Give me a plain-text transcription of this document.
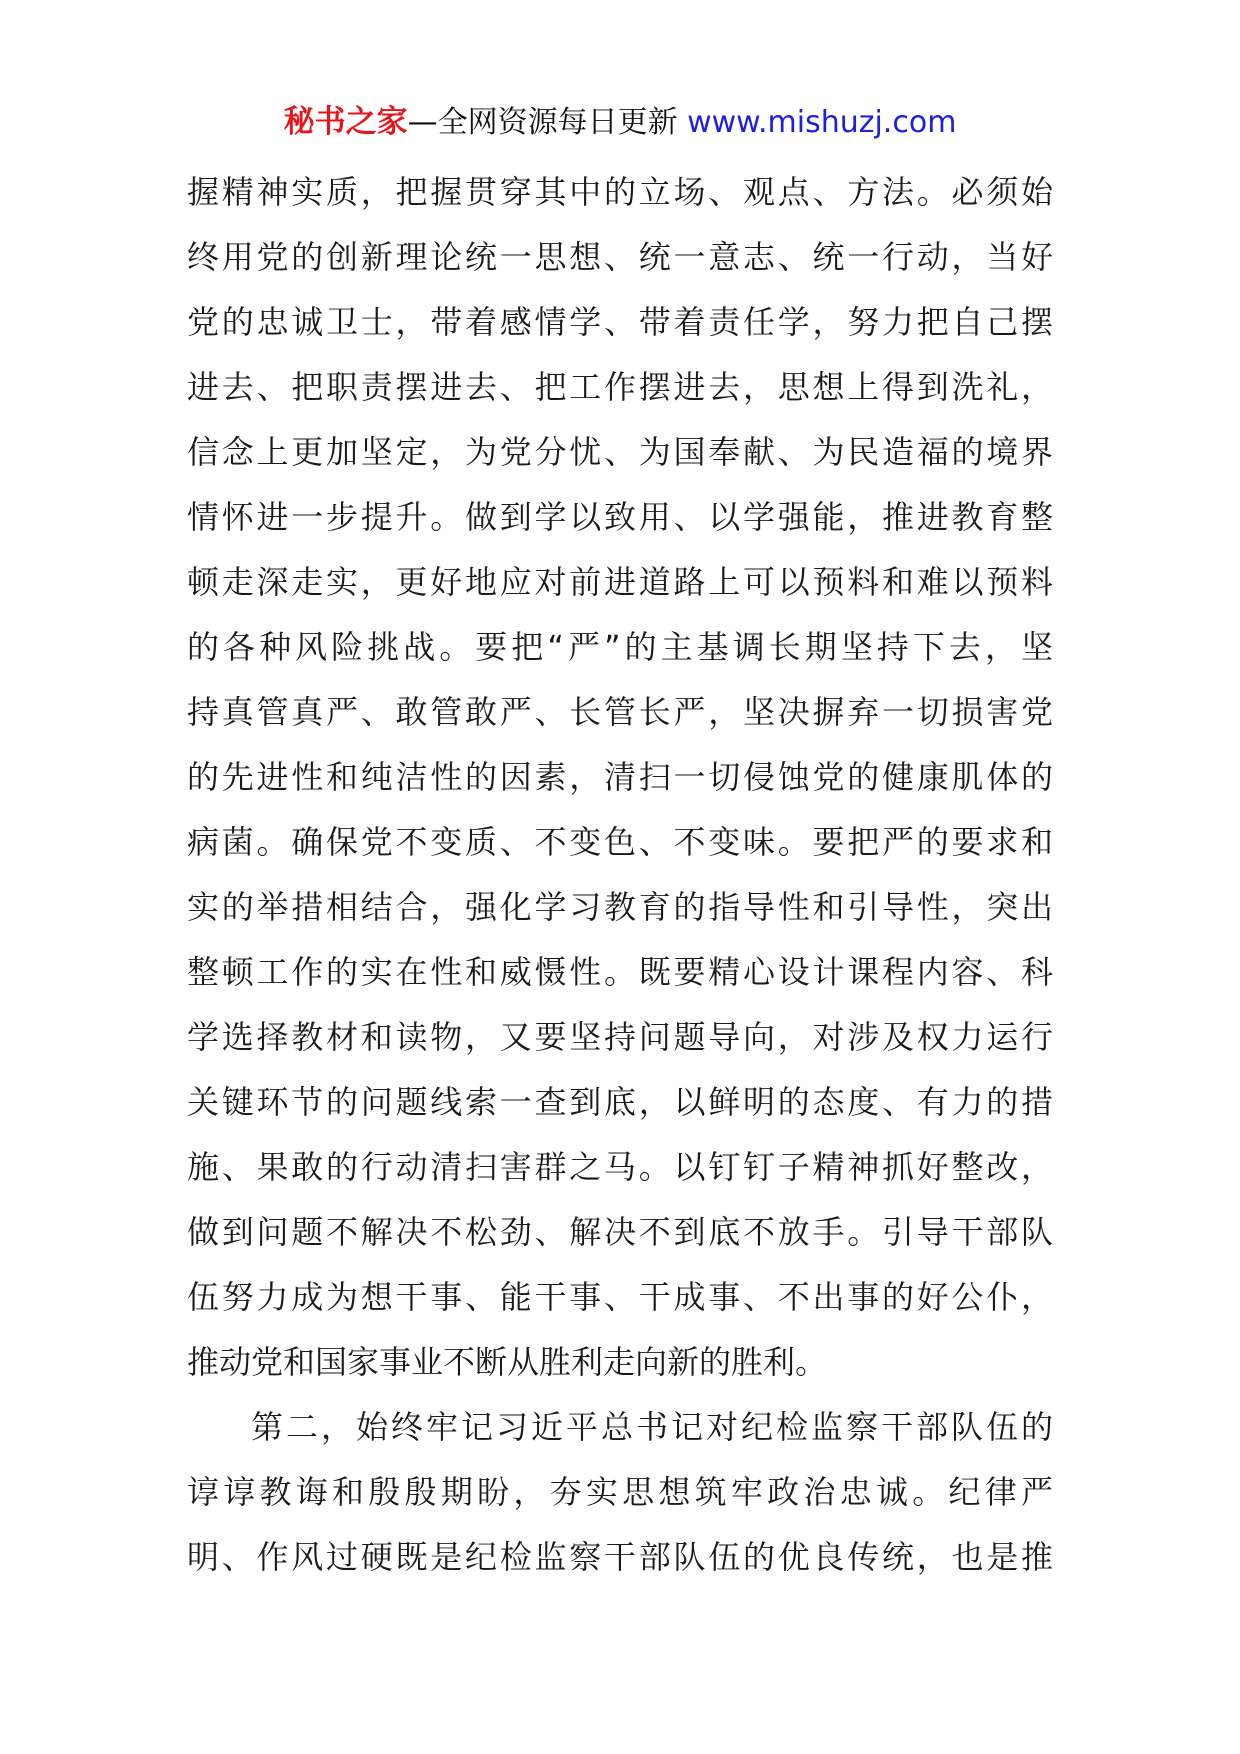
秘书之家—全网资源每日更新 www.mishuzj.com
握精神实质，把握贯穿其中的立场、观点、方法。必须始
终用党的创新理论统一思想、统一意志、统一行动，当好
党的忠诚卫士，带着感情学、带着责任学，努力把自己摆
进去、把职责摆进去、把工作摆进去，思想上得到洗礼，
信念上更加坚定，为党分忧、为国奉献、为民造福的境界
情怀进一步提升。做到学以致用、以学强能，推进教育整
顿走深走实，更好地应对前进道路上可以预料和难以预料
的各种风险挑战。要把“严”的主基调长期坚持下去，坚
持真管真严、敢管敢严、长管长严，坚决摒弃一切损害党
的先进性和纯洁性的因素，清扫一切侵蚀党的健康肌体的
病菌。确保党不变质、不变色、不变味。要把严的要求和
实的举措相结合，强化学习教育的指导性和引导性，突出
整顿工作的实在性和威慑性。既要精心设计课程内容、科
学选择教材和读物，又要坚持问题导向，对涉及权力运行
关键环节的问题线索一查到底，以鲜明的态度、有力的措
施、果敢的行动清扫害群之马。以钉钉子精神抓好整改，
做到问题不解决不松劲、解决不到底不放手。引导干部队
伍努力成为想干事、能干事、干成事、不出事的好公仆，
推动党和国家事业不断从胜利走向新的胜利。
第二，始终牢记习近平总书记对纪检监察干部队伍的
谆谆教诲和殷殷期盼，夯实思想筑牢政治忠诚。纪律严
明、作风过硬既是纪检监察干部队伍的优良传统，也是推
